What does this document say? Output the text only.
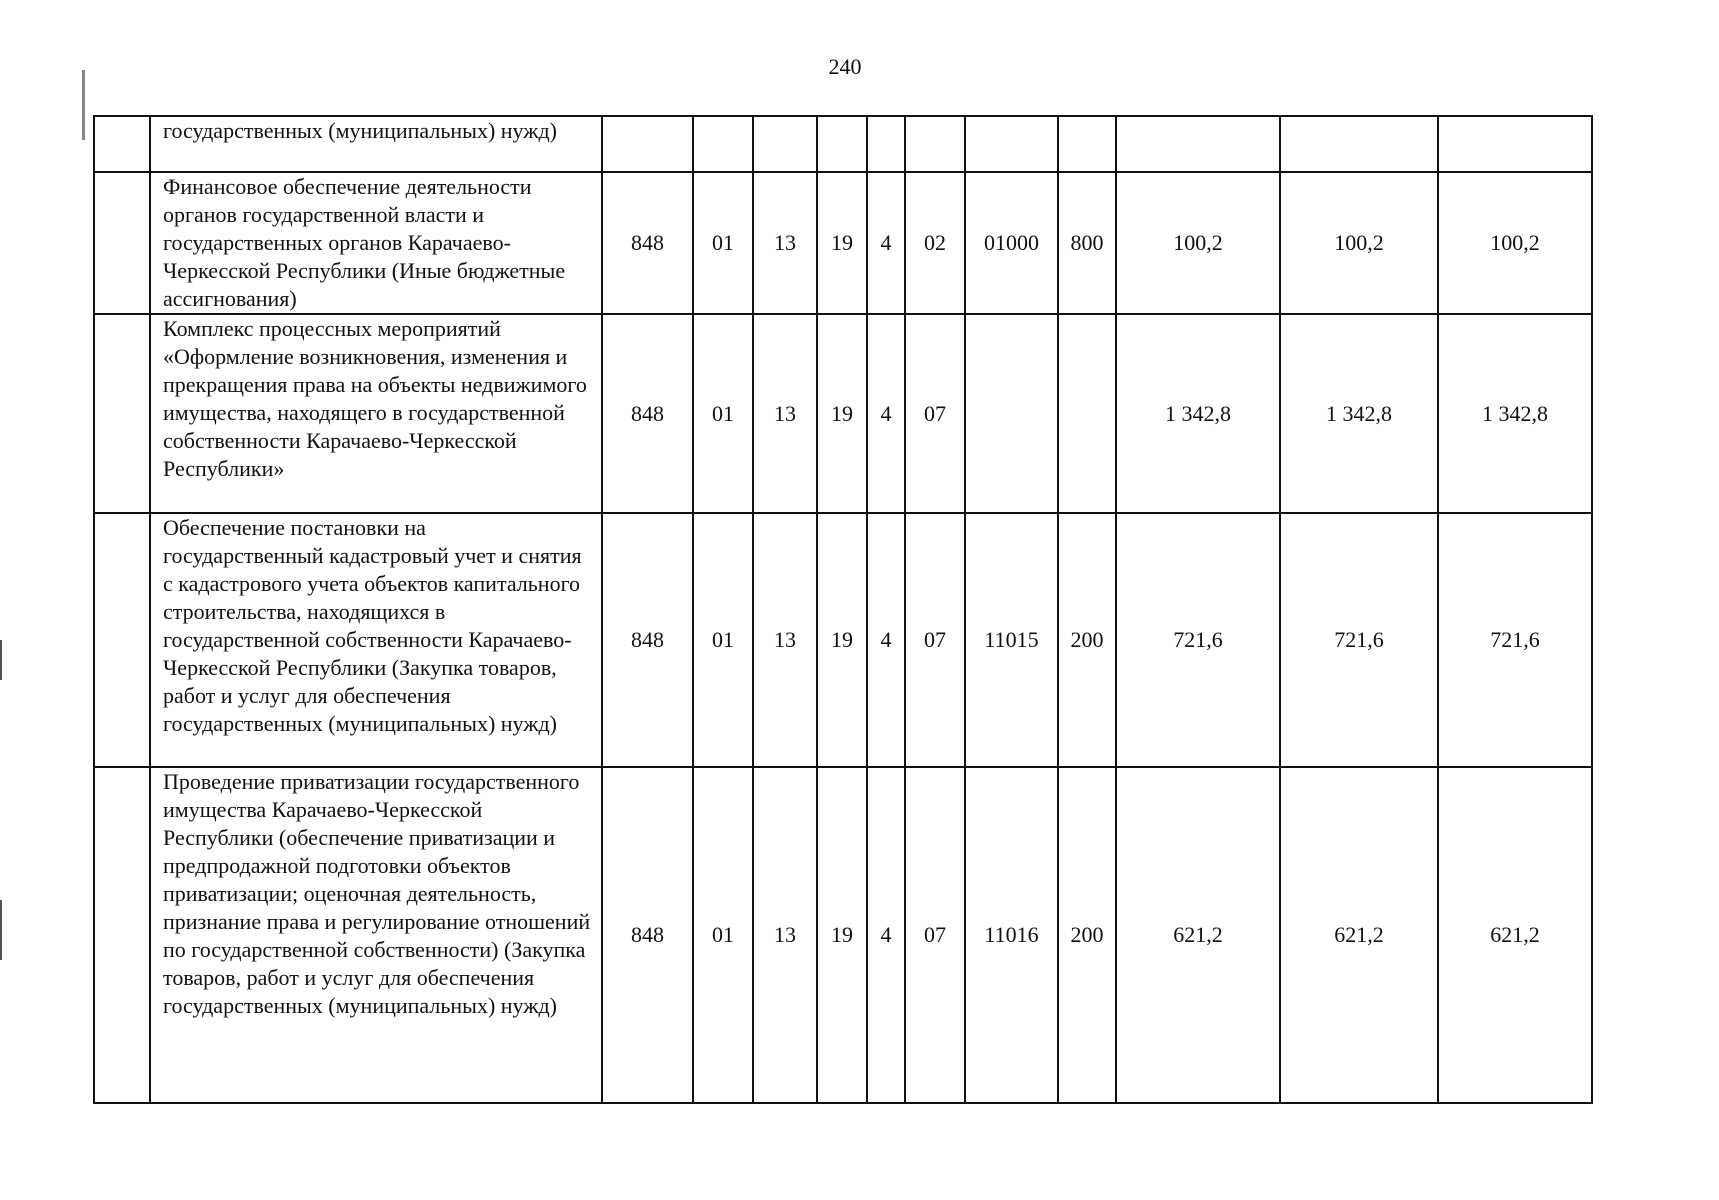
240
	государственных (муниципальных) нужд)											
	Финансовое обеспечение деятельности органов государственной власти и государственных органов Карачаево-Черкесской Республики (Иные бюджетные ассигнования)	848	01	13	19	4	02	01000	800	100,2	100,2	100,2
	Комплекс процессных мероприятий «Оформление возникновения, изменения и прекращения права на объекты недвижимого имущества, находящего в государственной собственности Карачаево-Черкесской Республики»	848	01	13	19	4	07			1 342,8	1 342,8	1 342,8
	Обеспечение постановки на государственный кадастровый учет и снятия с кадастрового учета объектов капитального строительства, находящихся в государственной собственности Карачаево-Черкесской Республики (Закупка товаров, работ и услуг для обеспечения государственных (муниципальных) нужд)	848	01	13	19	4	07	11015	200	721,6	721,6	721,6
	Проведение приватизации государственного имущества Карачаево-Черкесской Республики (обеспечение приватизации и предпродажной подготовки объектов приватизации; оценочная деятельность, признание права и регулирование отношений по государственной собственности) (Закупка товаров, работ и услуг для обеспечения государственных (муниципальных) нужд)	848	01	13	19	4	07	11016	200	621,2	621,2	621,2
